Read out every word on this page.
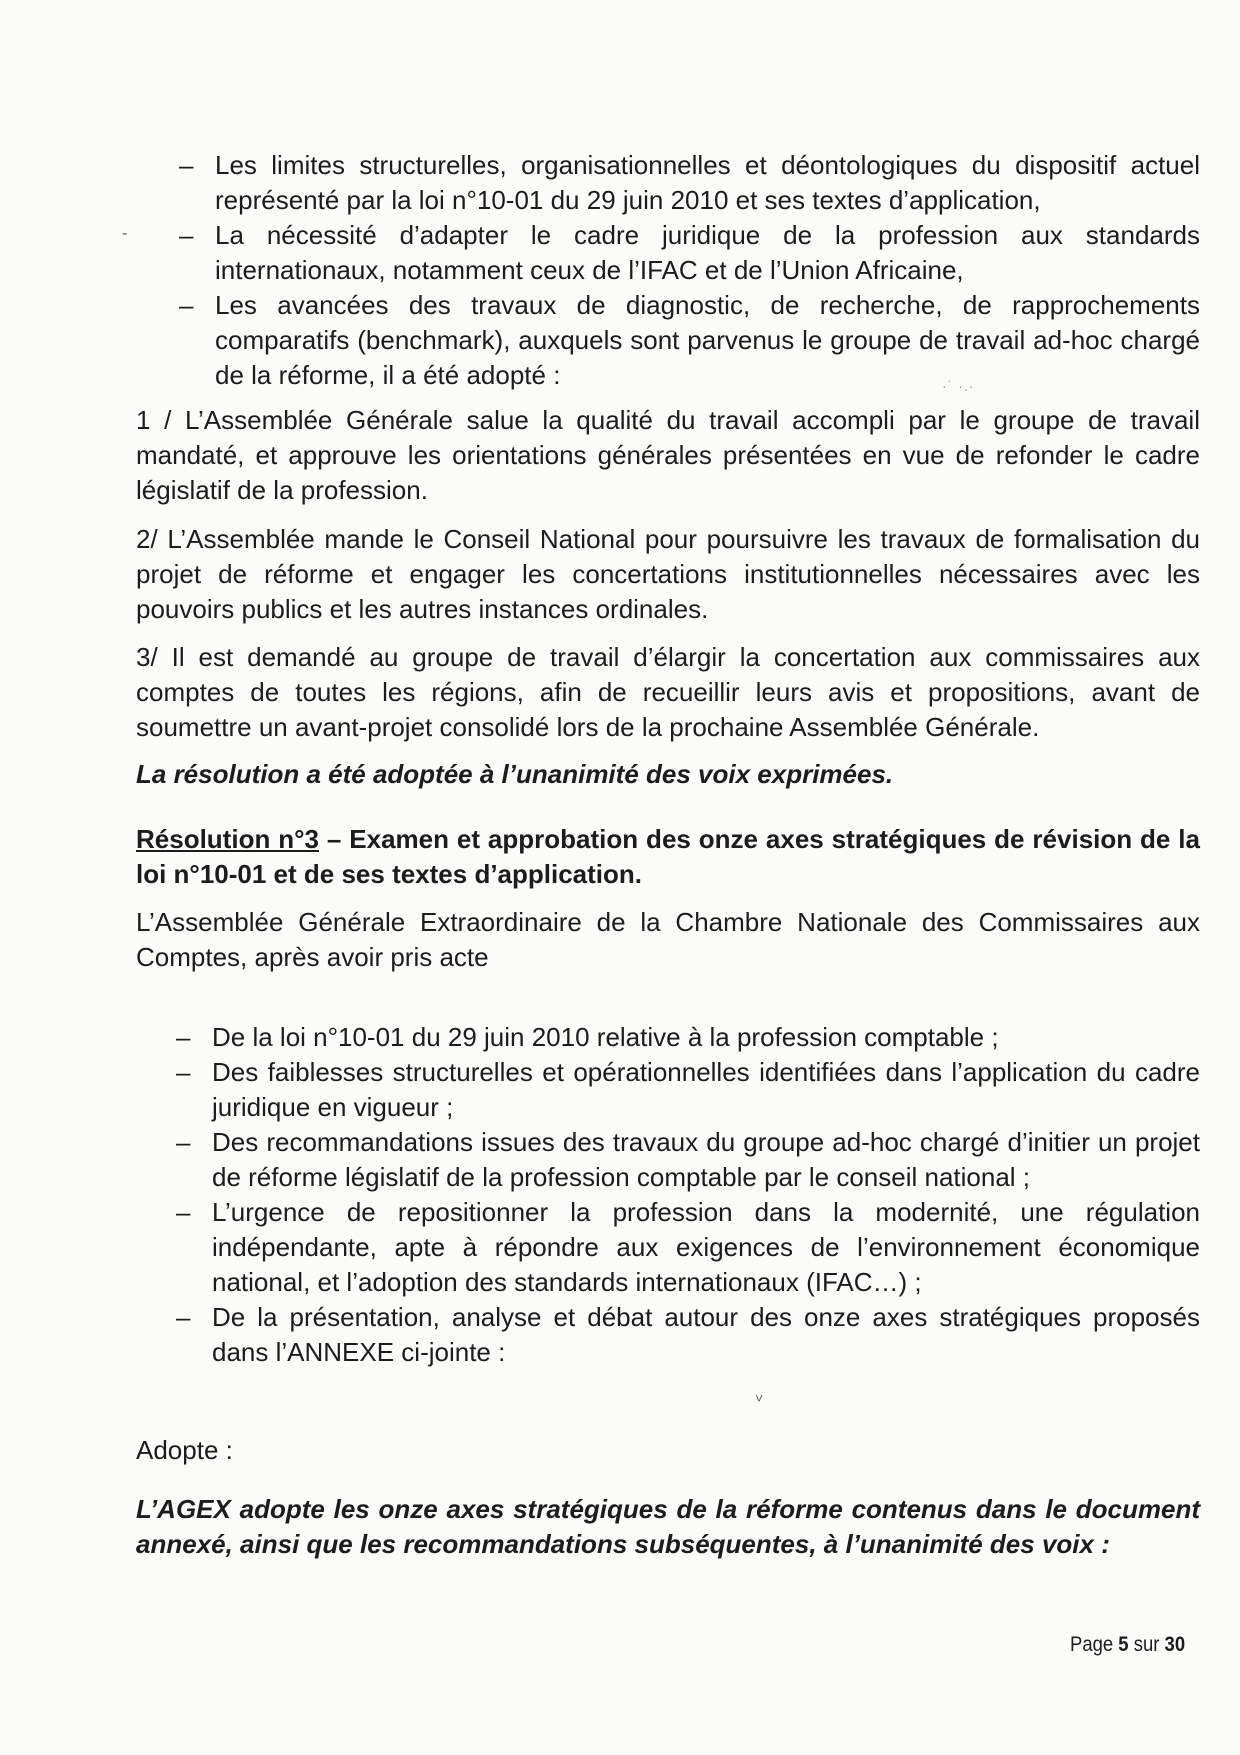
-
– Les limites structurelles, organisationnelles et déontologiques du dispositif actuel représenté par la loi n°10-01 du 29 juin 2010 et ses textes d’application,
– La nécessité d’adapter le cadre juridique de la profession aux standards internationaux, notamment ceux de l’IFAC et de l’Union Africaine,
– Les avancées des travaux de diagnostic, de recherche, de rapprochements comparatifs (benchmark), auxquels sont parvenus le groupe de travail ad-hoc chargé de la réforme, il a été adopté :	·˙ ·.·

1 / L’Assemblée Générale salue la qualité du travail accompli par le groupe de travail mandaté, et approuve les orientations générales présentées en vue de refonder le cadre législatif de la profession.

2/ L’Assemblée mande le Conseil National pour poursuivre les travaux de formalisation du projet de réforme et engager les concertations institutionnelles nécessaires avec les pouvoirs publics et les autres instances ordinales.

3/ Il est demandé au groupe de travail d’élargir la concertation aux commissaires aux comptes de toutes les régions, afin de recueillir leurs avis et propositions, avant de soumettre un avant-projet consolidé lors de la prochaine Assemblée Générale.

La résolution a été adoptée à l’unanimité des voix exprimées.

Résolution n°3 – Examen et approbation des onze axes stratégiques de révision de la loi n°10-01 et de ses textes d’application.

L’Assemblée Générale Extraordinaire de la Chambre Nationale des Commissaires aux Comptes, après avoir pris acte

– De la loi n°10-01 du 29 juin 2010 relative à la profession comptable ;
– Des faiblesses structurelles et opérationnelles identifiées dans l’application du cadre juridique en vigueur ;
– Des recommandations issues des travaux du groupe ad-hoc chargé d’initier un projet de réforme législatif de la profession comptable par le conseil national ;
– L’urgence de repositionner la profession dans la modernité, une régulation indépendante, apte à répondre aux exigences de l’environnement économique national, et l’adoption des standards internationaux (IFAC…) ;
– De la présentation, analyse et débat autour des onze axes stratégiques proposés dans l’ANNEXE ci-jointe :
˅

Adopte :

L’AGEX adopte les onze axes stratégiques de la réforme contenus dans le document annexé, ainsi que les recommandations subséquentes, à l’unanimité des voix :

Page 5 sur 30
